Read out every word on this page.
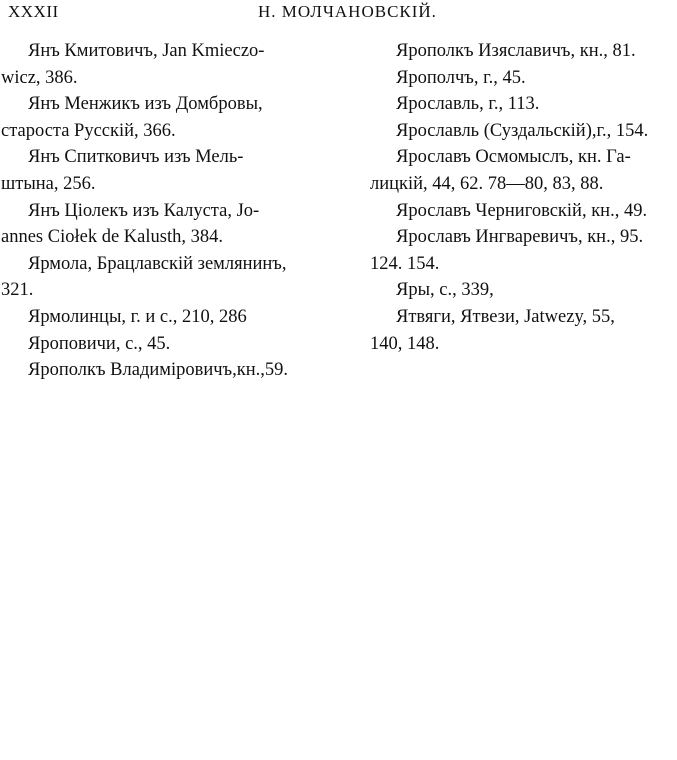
XXXII	Н. МОЛЧАНОВСКІЙ.
Янъ Кмитовичъ, Jan Kmieczо-
wicz, 386.
Янъ Менжикъ изъ Домбровы,
староста Русскій, 366.
Янъ Спитковичъ изъ Мель-
штына, 256.
Янъ Ціолекъ изъ Калуста, Jo-
annes Ciołek de Kalusth, 384.
Ярмола, Брацлавскій землянинъ,
321.
Ярмолинцы, г. и с., 210, 286
Яроповичи, с., 45.
Ярополкъ Владиміровичъ,кн.,59.
Ярополкъ Изяславичъ, кн., 81.
Ярополчъ, г., 45.
Ярославль, г., 113.
Ярославль (Суздальскій),г., 154.
Ярославъ Осмомыслъ, кн. Га-
лицкій, 44, 62. 78—80, 83, 88.
Ярославъ Черниговскій, кн., 49.
Ярославъ Ингваревичъ, кн., 95.
124. 154.
Яры, с., 339,
Ятвяги, Ятвези, Jatwezy, 55,
140, 148.
